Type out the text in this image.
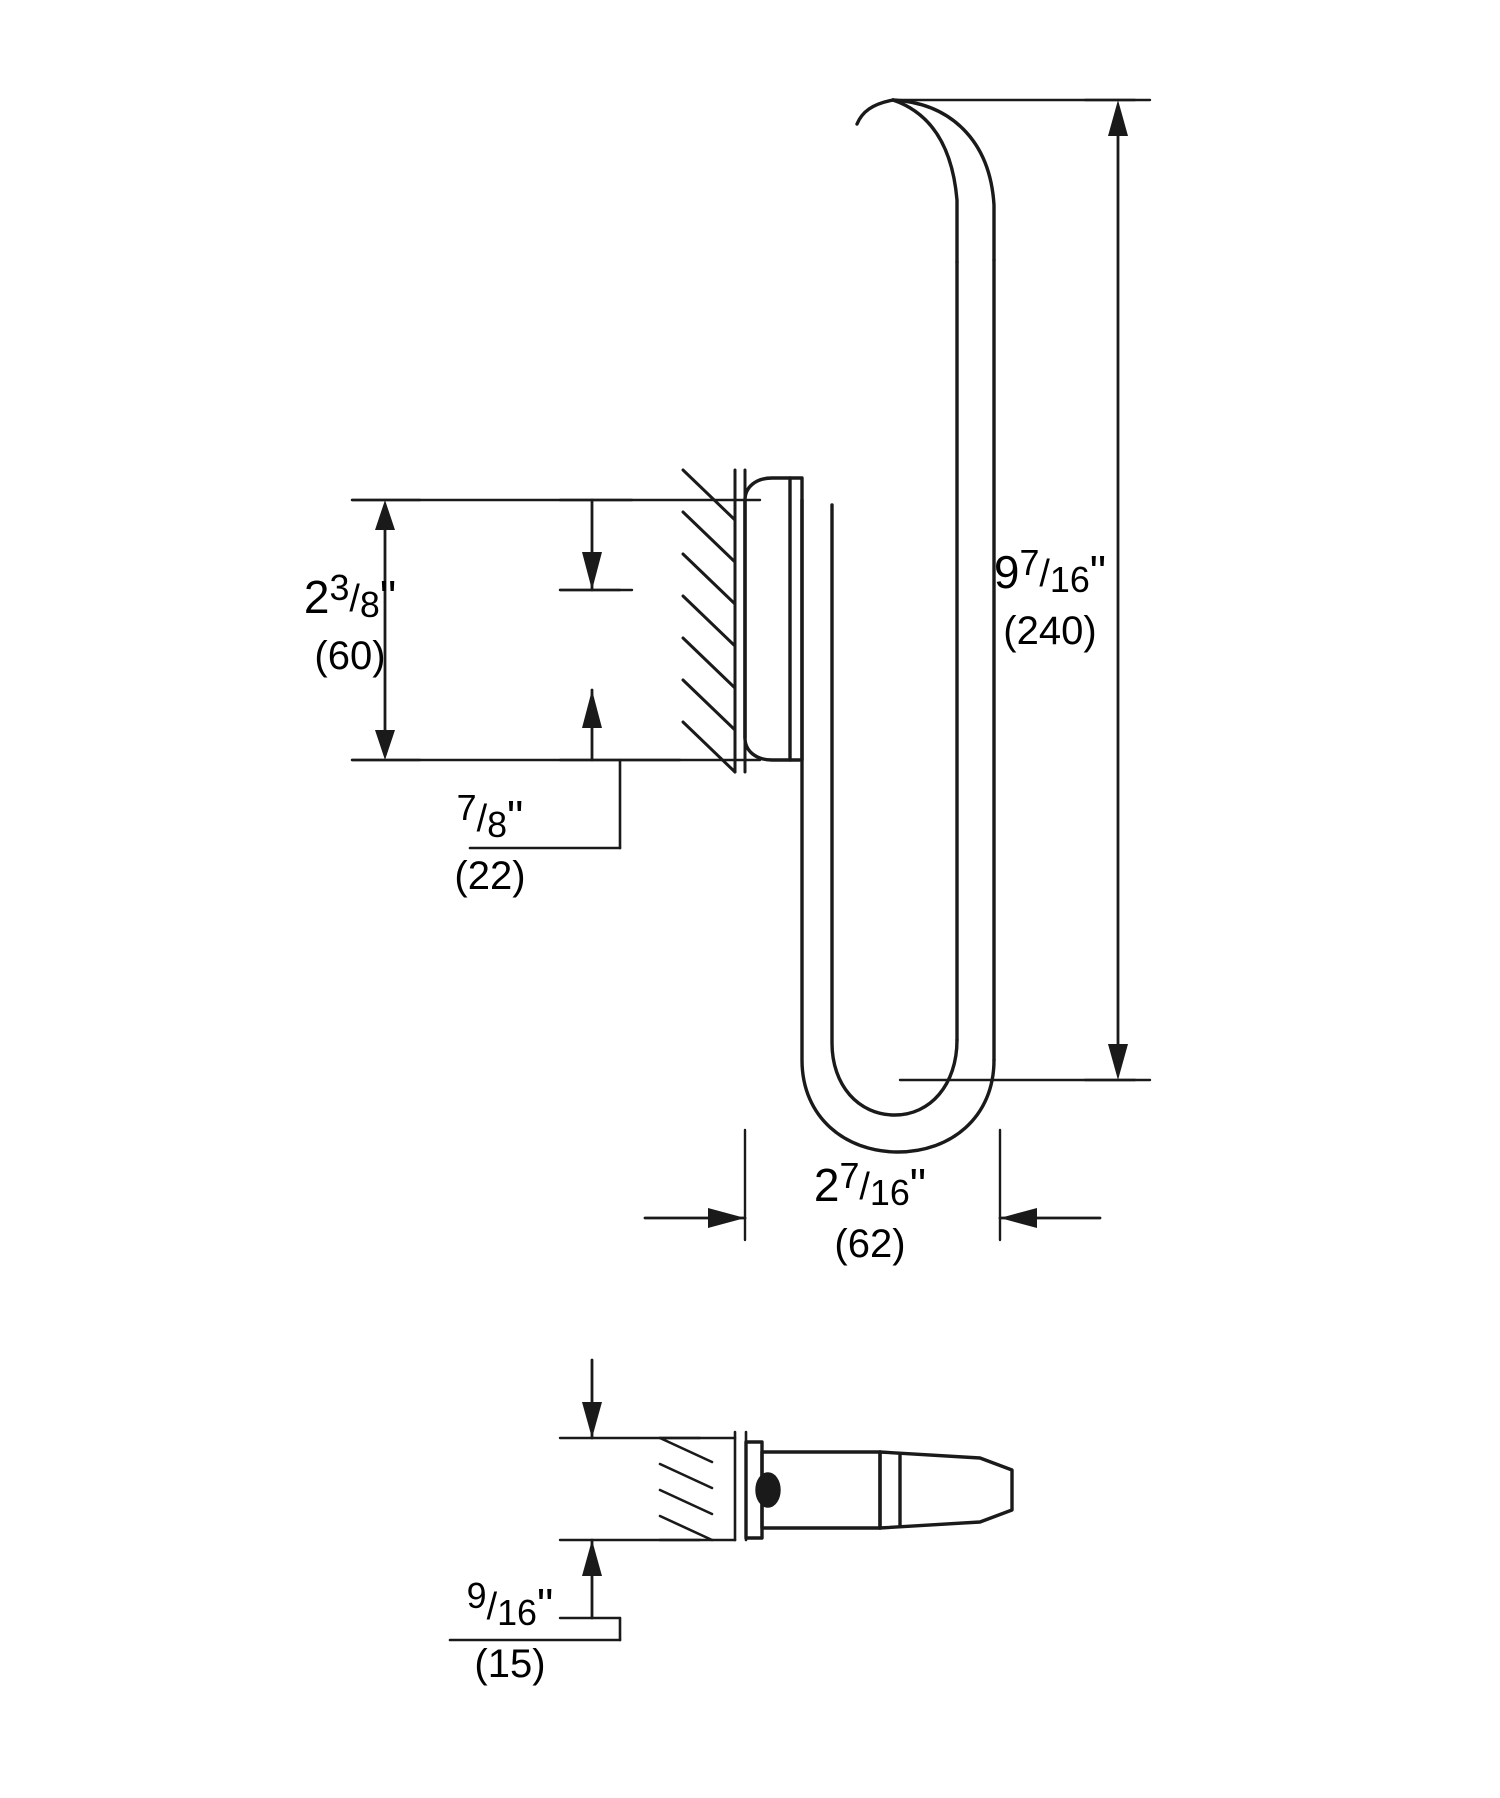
23/8"
(60)
7/8"
(22)
97/16"
(240)
27/16"
(62)
9/16"
(15)
